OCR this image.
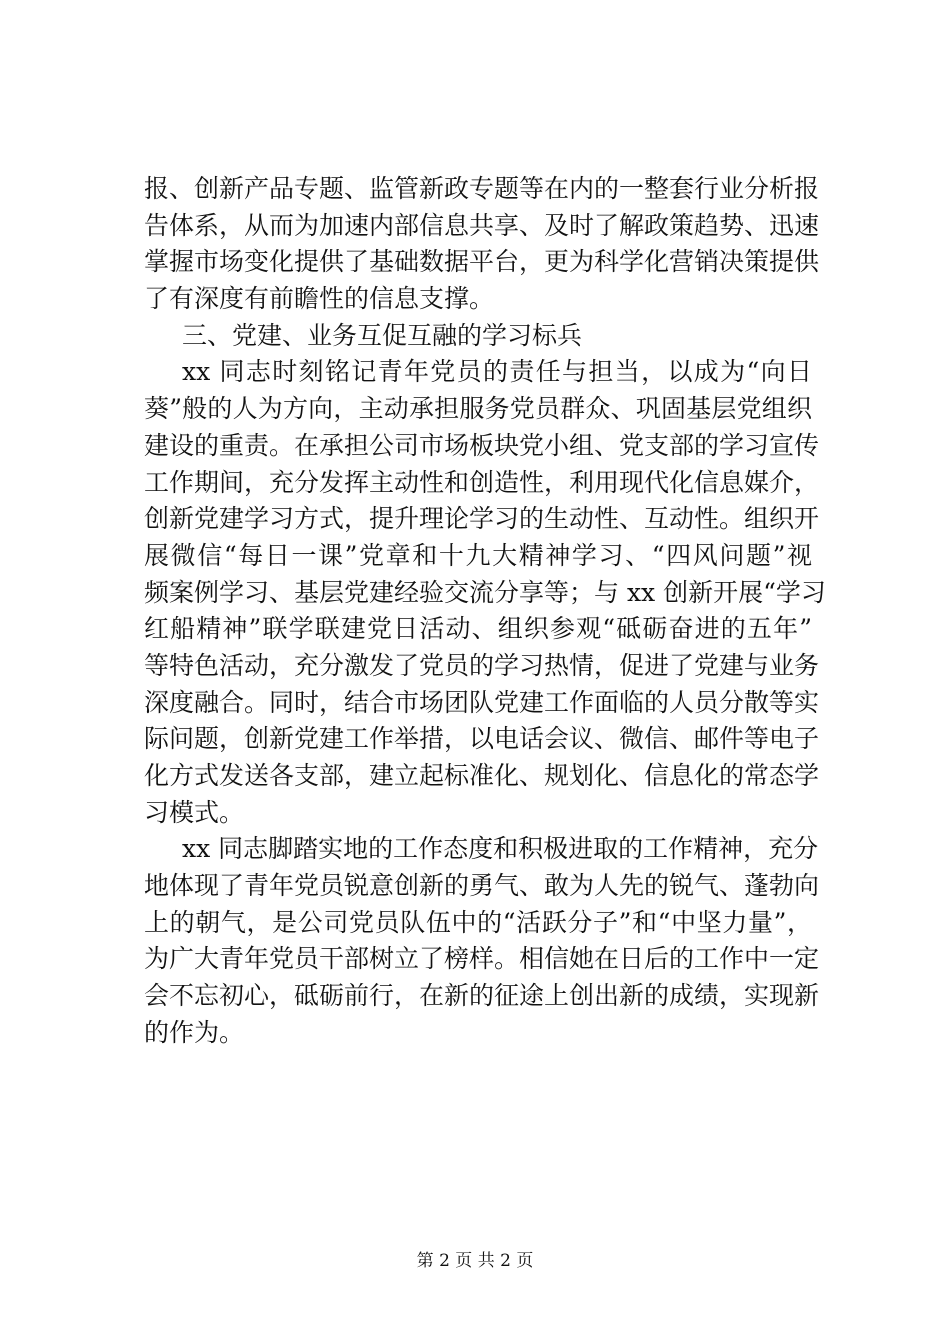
报、创新产品专题、监管新政专题等在内的一整套行业分析报
告体系，从而为加速内部信息共享、及时了解政策趋势、迅速
掌握市场变化提供了基础数据平台，更为科学化营销决策提供
了有深度有前瞻性的信息支撑。
三、党建、业务互促互融的学习标兵
xx 同志时刻铭记青年党员的责任与担当，以成为“向日
葵”般的人为方向，主动承担服务党员群众、巩固基层党组织
建设的重责。在承担公司市场板块党小组、党支部的学习宣传
工作期间，充分发挥主动性和创造性，利用现代化信息媒介，
创新党建学习方式，提升理论学习的生动性、互动性。组织开
展微信“每日一课”党章和十九大精神学习、“四风问题”视
频案例学习、基层党建经验交流分享等；与 xx 创新开展“学习
红船精神”联学联建党日活动、组织参观“砥砺奋进的五年”
等特色活动，充分激发了党员的学习热情，促进了党建与业务
深度融合。同时，结合市场团队党建工作面临的人员分散等实
际问题，创新党建工作举措，以电话会议、微信、邮件等电子
化方式发送各支部，建立起标准化、规划化、信息化的常态学
习模式。
xx 同志脚踏实地的工作态度和积极进取的工作精神，充分
地体现了青年党员锐意创新的勇气、敢为人先的锐气、蓬勃向
上的朝气，是公司党员队伍中的“活跃分子”和“中坚力量”，
为广大青年党员干部树立了榜样。相信她在日后的工作中一定
会不忘初心，砥砺前行，在新的征途上创出新的成绩，实现新
的作为。
第 2 页 共 2 页
